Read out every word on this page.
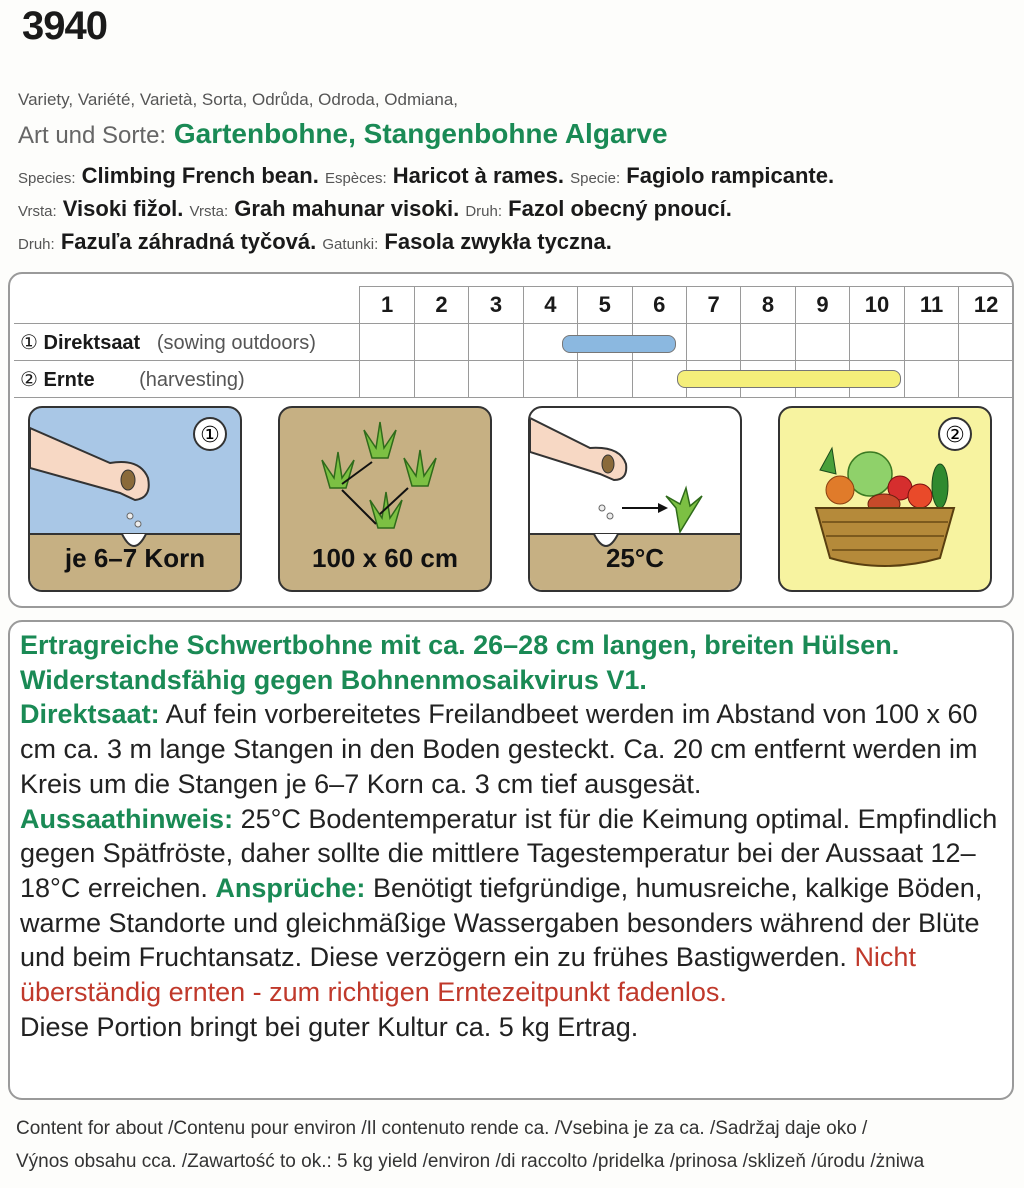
3940
Variety, Variété, Varietà, Sorta, Odrůda, Odroda, Odmiana,
Art und Sorte: Gartenbohne, Stangenbohne Algarve
Species: Climbing French bean. Espèces: Haricot à rames. Specie: Fagiolo rampicante.
Vrsta: Visoki fižol. Vrsta: Grah mahunar visoki. Druh: Fazol obecný pnoucí.
Druh: Fazuľa záhradná tyčová. Gatunki: Fasola zwykła tyczna.
	1	2	3	4	5	6	7	8	9	10	11	12
① Direktsaat (sowing outdoors)												
② Ernte (harvesting)												
①
je 6–7 Korn	100 x 60 cm	25°C
②
Ertragreiche Schwertbohne mit ca. 26–28 cm langen, breiten Hülsen. Widerstandsfähig gegen Bohnenmosaikvirus V1.
Direktsaat: Auf fein vorbereitetes Freilandbeet werden im Abstand von 100 x 60 cm ca. 3 m lange Stangen in den Boden gesteckt. Ca. 20 cm entfernt werden im Kreis um die Stangen je 6–7 Korn ca. 3 cm tief ausgesät.
Aussaathinweis: 25°C Bodentemperatur ist für die Keimung optimal. Empfindlich gegen Spätfröste, daher sollte die mittlere Tagestemperatur bei der Aussaat 12–18°C erreichen. Ansprüche: Benötigt tiefgründige, humusreiche, kalkige Böden, warme Standorte und gleichmäßige Wassergaben besonders während der Blüte und beim Fruchtansatz. Diese verzögern ein zu frühes Bastigwerden. Nicht überständig ernten - zum richtigen Erntezeitpunkt fadenlos.
Diese Portion bringt bei guter Kultur ca. 5 kg Ertrag.
Content for about /Contenu pour environ /Il contenuto rende ca. /Vsebina je za ca. /Sadržaj daje oko /
Výnos obsahu cca. /Zawartość to ok.: 5 kg yield /environ /di raccolto /pridelka /prinosa /sklizeň /úrodu /żniwa
